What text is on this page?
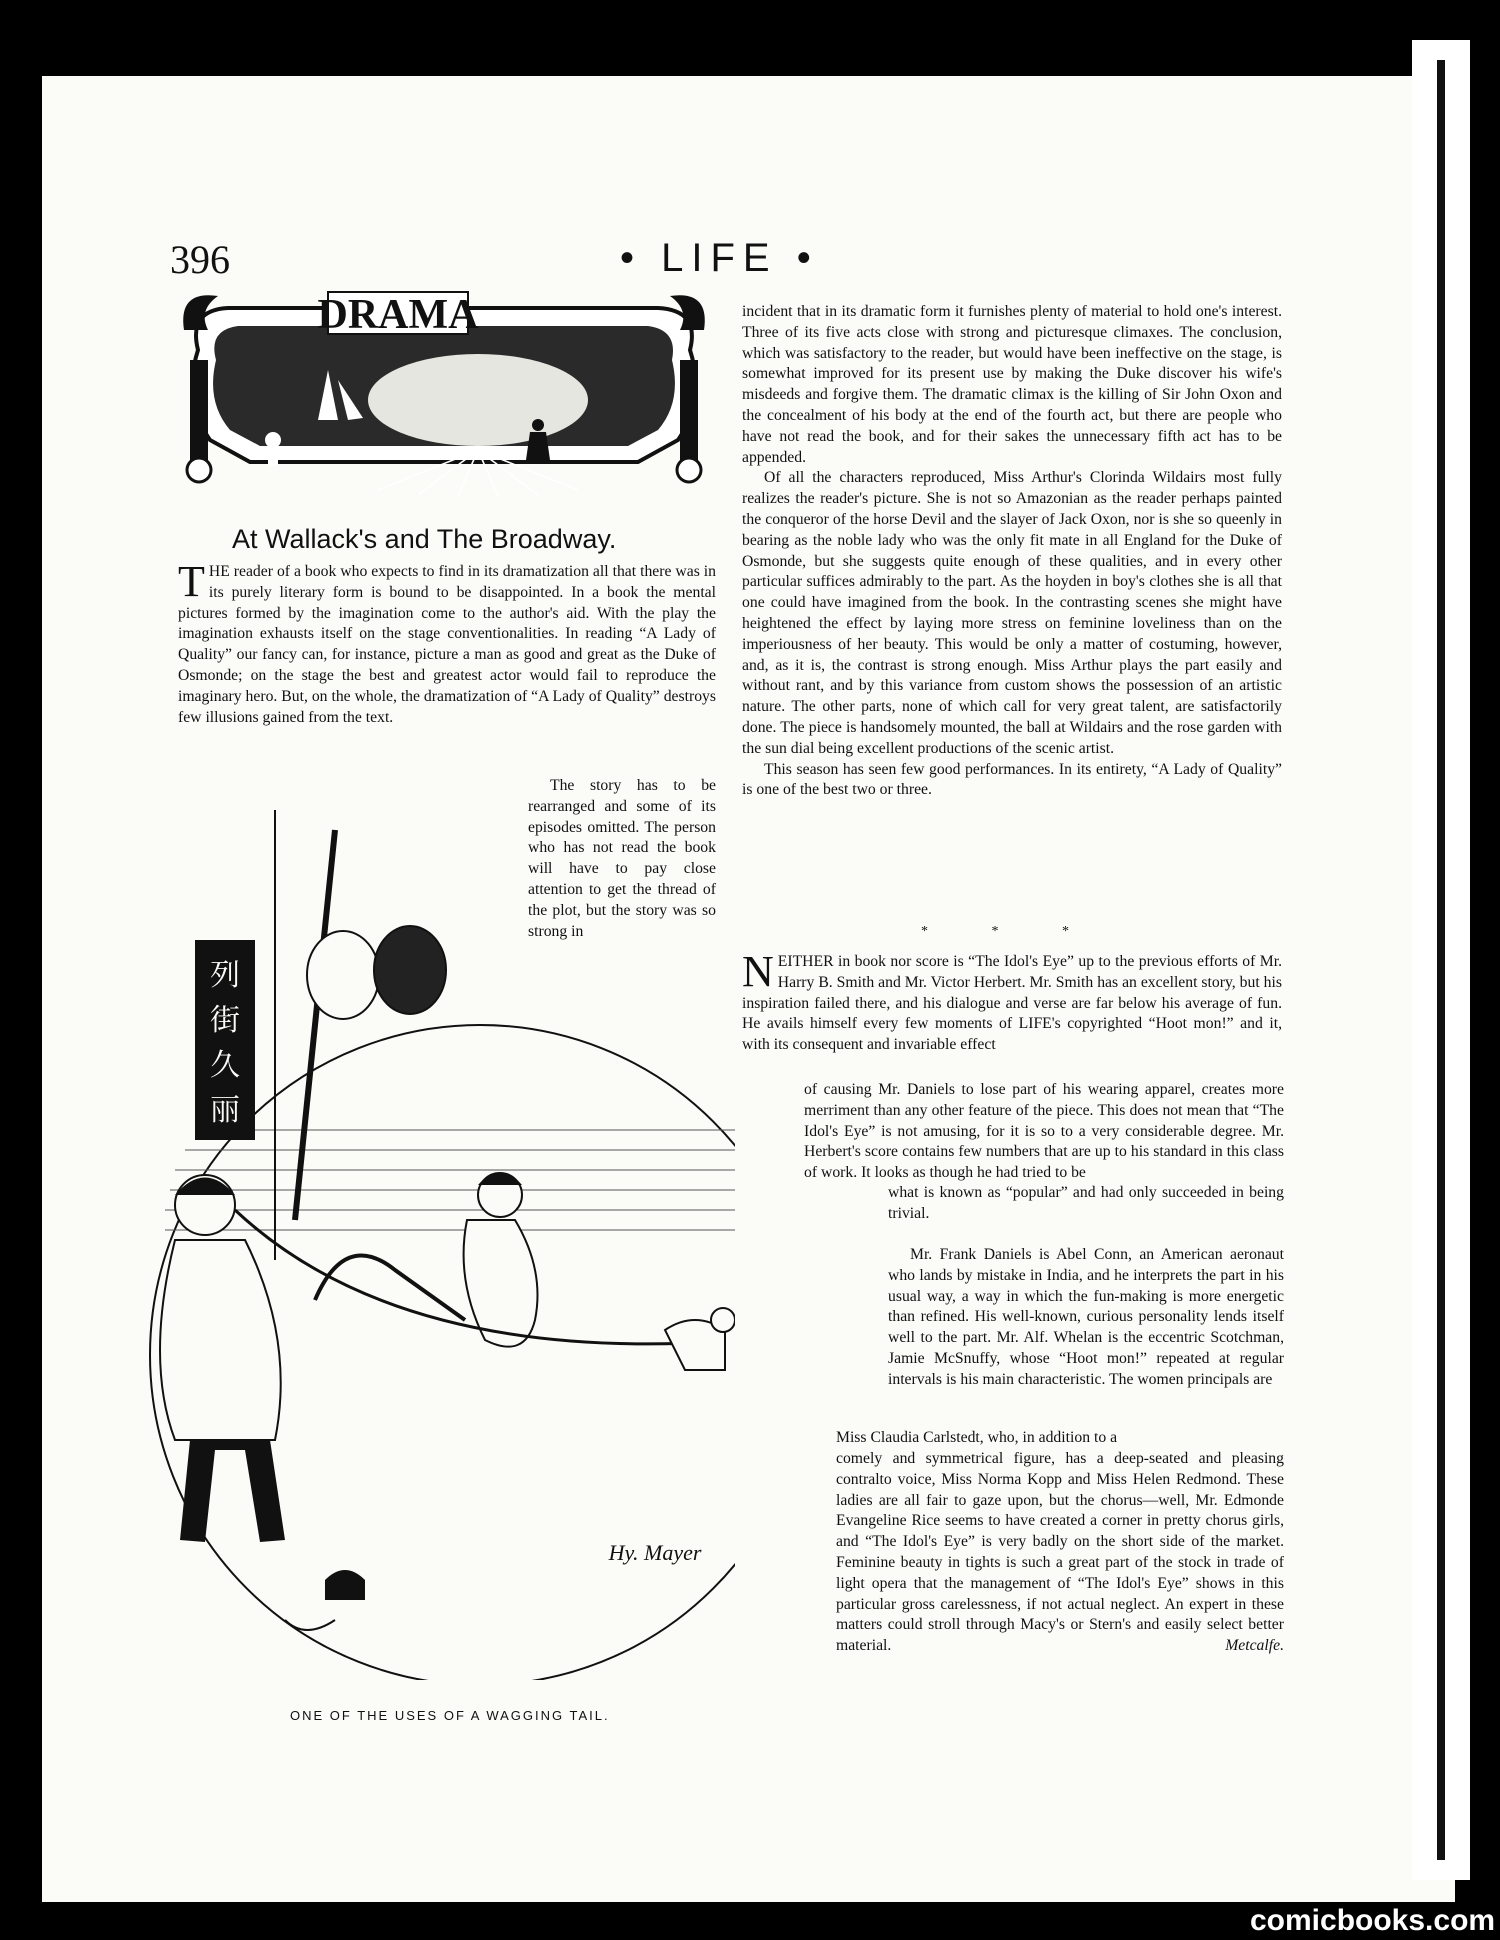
396	• LIFE •
DRAMA
At Wallack's and The Broadway.
T HE reader of a book who expects to find in its dramatization all that there was in its purely literary form is bound to be disappointed. In a book the mental pictures formed by the imagination come to the author's aid. With the play the imagination exhausts itself on the stage conventionalities. In reading “A Lady of Quality” our fancy can, for instance, picture a man as good and great as the Duke of Osmonde; on the stage the best and greatest actor would fail to reproduce the imaginary hero. But, on the whole, the dramatization of “A Lady of Quality” destroys few illusions gained from the text.
The story has to be rearranged and some of its episodes omitted. The person who has not read the book will have to pay close attention to get the thread of the plot, but the story was so strong in

incident that in its dramatic form it furnishes plenty of material to hold one's interest. Three of its five acts close with strong and picturesque climaxes. The conclusion, which was satisfactory to the reader, but would have been ineffective on the stage, is somewhat improved for its present use by making the Duke discover his wife's misdeeds and forgive them. The dramatic climax is the killing of Sir John Oxon and the concealment of his body at the end of the fourth act, but there are people who have not read the book, and for their sakes the unnecessary fifth act has to be appended.

Of all the characters reproduced, Miss Arthur's Clorinda Wildairs most fully realizes the reader's picture. She is not so Amazonian as the reader perhaps painted the conqueror of the horse Devil and the slayer of Jack Oxon, nor is she so queenly in bearing as the noble lady who was the only fit mate in all England for the Duke of Osmonde, but she suggests quite enough of these qualities, and in every other particular suffices admirably to the part. As the hoyden in boy's clothes she is all that one could have imagined from the book. In the contrasting scenes she might have heightened the effect by laying more stress on feminine loveliness than on the imperiousness of her beauty. This would be only a matter of costuming, however, and, as it is, the contrast is strong enough. Miss Arthur plays the part easily and without rant, and by this variance from custom shows the possession of an artistic nature. The other parts, none of which call for very great talent, are satisfactorily done. The piece is handsomely mounted, the ball at Wildairs and the rose garden with the sun dial being excellent productions of the scenic artist.

This season has seen few good performances. In its entirety, “A Lady of Quality” is one of the best two or three.

* * *
N EITHER in book nor score is “The Idol's Eye” up to the previous efforts of Mr. Harry B. Smith and Mr. Victor Herbert. Mr. Smith has an excellent story, but his inspiration failed there, and his dialogue and verse are far below his average of fun. He avails himself every few moments of LIFE's copyrighted “Hoot mon!” and it, with its consequent and invariable effect
of causing Mr. Daniels to lose part of his wearing apparel, creates more merriment than any other feature of the piece. This does not mean that “The Idol's Eye” is not amusing, for it is so to a very considerable degree. Mr. Herbert's score contains few numbers that are up to his standard in this class of work. It looks as though he had tried to be
what is known as “popular” and had only succeeded in being trivial.
Mr. Frank Daniels is Abel Conn, an American aeronaut who lands by mistake in India, and he interprets the part in his usual way, a way in which the fun-making is more energetic than refined. His well-known, curious personality lends itself well to the part. Mr. Alf. Whelan is the eccentric Scotchman, Jamie McSnuffy, whose “Hoot mon!” repeated at regular intervals is his main characteristic. The women principals are
Miss Claudia Carlstedt, who, in addition to a
comely and symmetrical figure, has a deep-seated and pleasing contralto voice, Miss Norma Kopp and Miss Helen Redmond. These ladies are all fair to gaze upon, but the chorus—well, Mr. Edmonde Evangeline Rice seems to have created a corner in pretty chorus girls, and “The Idol's Eye” is very badly on the short side of the market. Feminine beauty in tights is such a great part of the stock in trade of light opera that the management of “The Idol's Eye” shows in this particular gross carelessness, if not actual neglect. An expert in these matters could stroll through Macy's or Stern's and easily select better material.	Metcalfe.
列
街
久
丽
Hy. Mayer
ONE OF THE USES OF A WAGGING TAIL.
comicbooks.com
